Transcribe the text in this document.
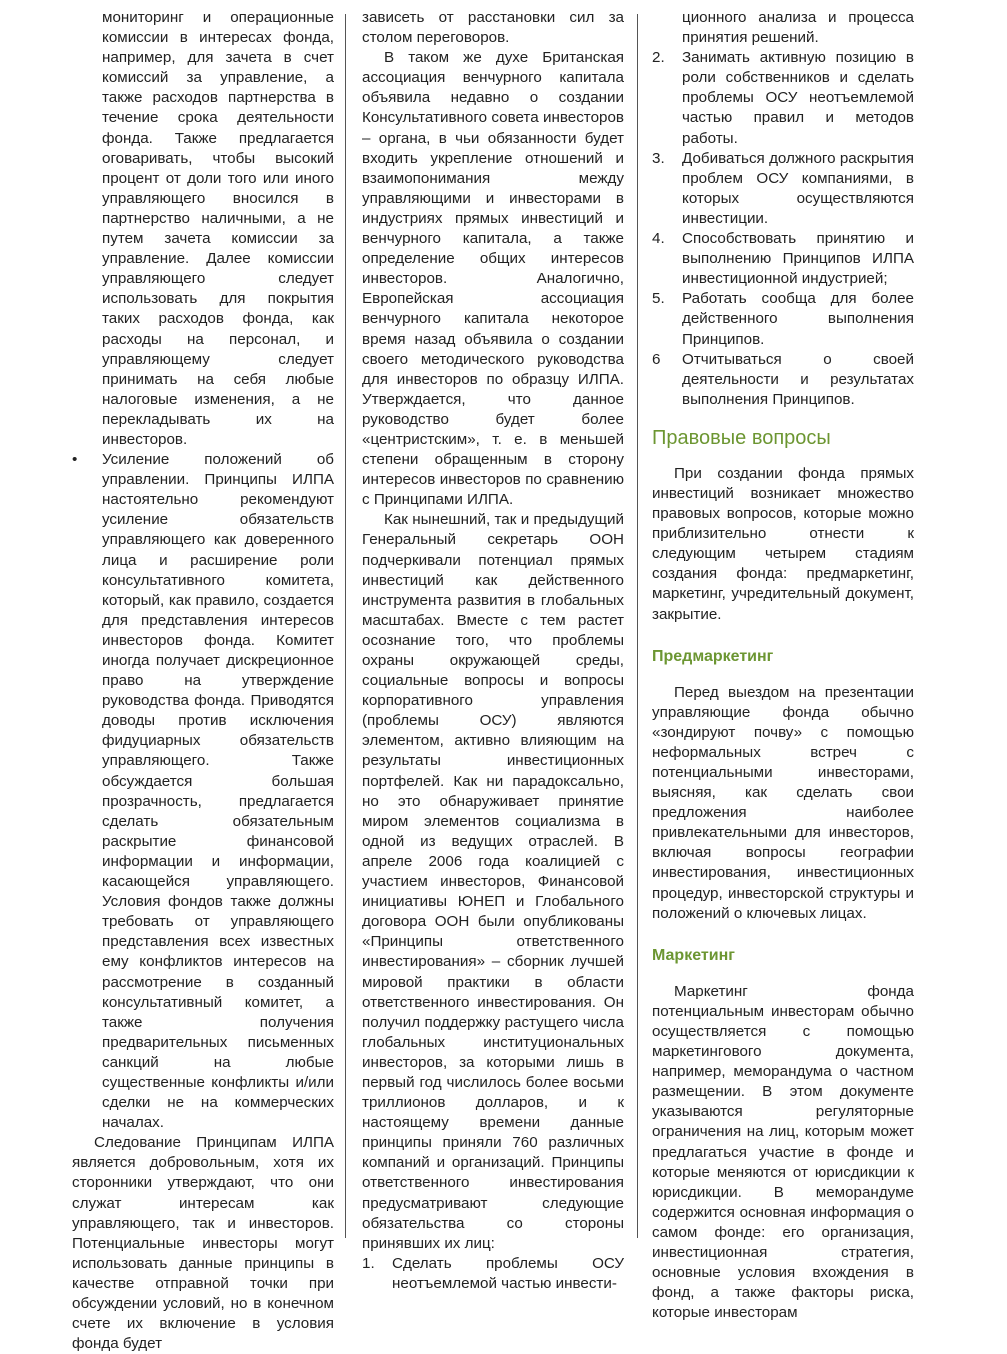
мониторинг и операционные комиссии в интересах фонда, например, для зачета в счет комиссий за управление, а также расходов партнерства в течение срока деятельности фонда. Также предлагается оговаривать, чтобы высокий процент от доли того или иного управляющего вносился в партнерство наличными, а не путем зачета комиссии за управление. Далее комиссии управляющего следует использовать для покрытия таких расходов фонда, как расходы на персонал, и управляющему следует принимать на себя любые налоговые изменения, а не перекладывать их на инвесторов.

• Усиление положений об управлении. Принципы ИЛПА настоятельно рекомендуют усиление обязательств управляющего как доверенного лица и расширение роли консультативного комитета, который, как правило, создается для представления интересов инвесторов фонда. Комитет иногда получает дискреционное право на утверждение руководства фонда. Приводятся доводы против исключения фидуциарных обязательств управляющего. Также обсуждается большая прозрачность, предлагается сделать обязательным раскрытие финансовой информации и информации, касающейся управляющего. Условия фондов также должны требовать от управляющего представления всех известных ему конфликтов интересов на рассмотрение в созданный консультативный комитет, а также получения предварительных письменных санкций на любые существенные конфликты и/или сделки не на коммерческих началах.

Следование Принципам ИЛПА является добровольным, хотя их сторонники утверждают, что они служат интересам как управляющего, так и инвесторов. Потенциальные инвесторы могут использовать данные принципы в качестве отправной точки при обсуждении условий, но в конечном счете их включение в условия фонда будет

зависеть от расстановки сил за столом переговоров.

В таком же духе Британская ассоциация венчурного капитала объявила недавно о создании Консультативного совета инвесторов – органа, в чьи обязанности будет входить укрепление отношений и взаимопонимания между управляющими и инвесторами в индустриях прямых инвестиций и венчурного капитала, а также определение общих интересов инвесторов. Аналогично, Европейская ассоциация венчурного капитала некоторое время назад объявила о создании своего методического руководства для инвесторов по образцу ИЛПА. Утверждается, что данное руководство будет более «центристским», т. е. в меньшей степени обращенным в сторону интересов инвесторов по сравнению с Принципами ИЛПА.

Как нынешний, так и предыдущий Генеральный секретарь ООН подчеркивали потенциал прямых инвестиций как действенного инструмента развития в глобальных масштабах. Вместе с тем растет осознание того, что проблемы охраны окружающей среды, социальные вопросы и вопросы корпоративного управления (проблемы ОСУ) являются элементом, активно влияющим на результаты инвестиционных портфелей. Как ни парадоксально, но это обнаруживает принятие миром элементов социализма в одной из ведущих отраслей. В апреле 2006 года коалицией с участием инвесторов, Финансовой инициативы ЮНЕП и Глобального договора ООН были опубликованы «Принципы ответственного инвестирования» – сборник лучшей мировой практики в области ответственного инвестирования. Он получил поддержку растущего числа глобальных институциональных инвесторов, за которыми лишь в первый год числилось более восьми триллионов долларов, и к настоящему времени данные принципы приняли 760 различных компаний и организаций. Принципы ответственного инвестирования предусматривают следующие обязательства со стороны принявших их лиц:

1. Сделать проблемы ОСУ неотъемлемой частью инвести-

ционного анализа и процесса принятия решений.

2. Занимать активную позицию в роли собственников и сделать проблемы ОСУ неотъемлемой частью правил и методов работы.
3. Добиваться должного раскрытия проблем ОСУ компаниями, в которых осуществляются инвестиции.
4. Способствовать принятию и выполнению Принципов ИЛПА инвестиционной индустрией;
5. Работать сообща для более действенного выполнения Принципов.
6 Отчитываться о своей деятельности и результатах выполнения Принципов.
Правовые вопросы

При создании фонда прямых инвестиций возникает множество правовых вопросов, которые можно приблизительно отнести к следующим четырем стадиям создания фонда: предмаркетинг, маркетинг, учредительный документ, закрытие.

Предмаркетинг

Перед выездом на презентации управляющие фонда обычно «зондируют почву» с помощью неформальных встреч с потенциальными инвесторами, выясняя, как сделать свои предложения наиболее привлекательными для инвесторов, включая вопросы географии инвестирования, инвестиционных процедур, инвесторской структуры и положений о ключевых лицах.

Маркетинг

Маркетинг фонда потенциальным инвесторам обычно осуществляется с помощью маркетингового документа, например, меморандума о частном размещении. В этом документе указываются регуляторные ограничения на лиц, которым может предлагаться участие в фонде и которые меняются от юрисдикции к юрисдикции. В меморандуме содержится основная информация о самом фонде: его организация, инвестиционная стратегия, основные условия вхождения в фонд, а также факторы риска, которые инвесторам
